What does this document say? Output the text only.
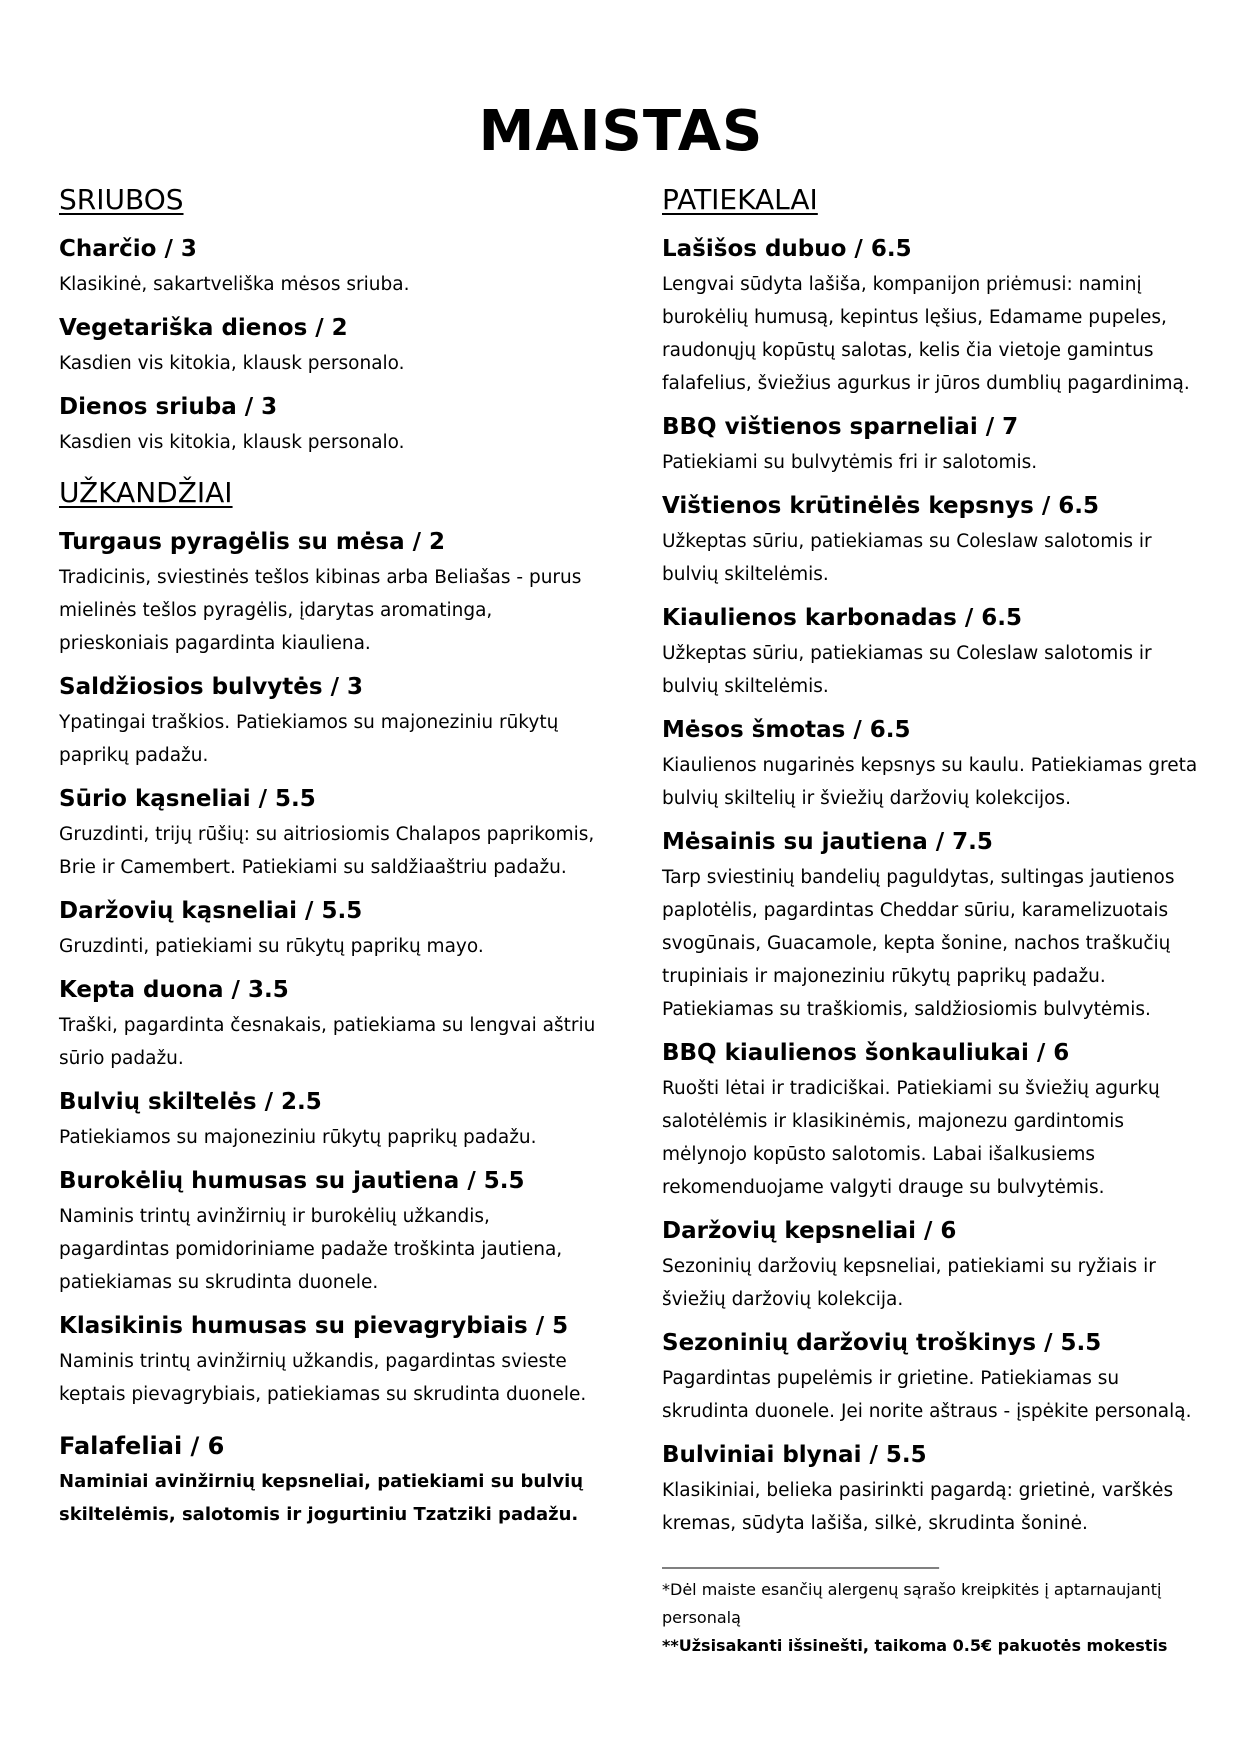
MAISTAS
SRIUBOS

Charčio / 3

Klasikinė, sakartveliška mėsos sriuba.

Vegetariška dienos / 2

Kasdien vis kitokia, klausk personalo.

Dienos sriuba / 3

Kasdien vis kitokia, klausk personalo.

UŽKANDŽIAI

Turgaus pyragėlis su mėsa / 2

Tradicinis, sviestinės tešlos kibinas arba Beliašas - purus mielinės tešlos pyragėlis, įdarytas aromatinga, prieskoniais pagardinta kiauliena.

Saldžiosios bulvytės / 3

Ypatingai traškios. Patiekiamos su majoneziniu rūkytų paprikų padažu.

Sūrio kąsneliai / 5.5

Gruzdinti, trijų rūšių: su aitriosiomis Chalapos paprikomis, Brie ir Camembert. Patiekiami su saldžiaaštriu padažu.

Daržovių kąsneliai / 5.5

Gruzdinti, patiekiami su rūkytų paprikų mayo.

Kepta duona / 3.5

Traški, pagardinta česnakais, patiekiama su lengvai aštriu sūrio padažu.

Bulvių skiltelės / 2.5

Patiekiamos su majoneziniu rūkytų paprikų padažu.

Burokėlių humusas su jautiena / 5.5

Naminis trintų avinžirnių ir burokėlių užkandis, pagardintas pomidoriniame padaže troškinta jautiena, patiekiamas su skrudinta duonele.

Klasikinis humusas su pievagrybiais / 5

Naminis trintų avinžirnių užkandis, pagardintas svieste keptais pievagrybiais, patiekiamas su skrudinta duonele.

Falafeliai / 6

Naminiai avinžirnių kepsneliai, patiekiami su bulvių skiltelėmis, salotomis ir jogurtiniu Tzatziki padažu.

PATIEKALAI

Lašišos dubuo / 6.5

Lengvai sūdyta lašiša, kompanijon priėmusi: naminį burokėlių humusą, kepintus lęšius, Edamame pupeles, raudonųjų kopūstų salotas, kelis čia vietoje gamintus falafelius, šviežius agurkus ir jūros dumblių pagardinimą.

BBQ vištienos sparneliai / 7

Patiekiami su bulvytėmis fri ir salotomis.

Vištienos krūtinėlės kepsnys / 6.5

Užkeptas sūriu, patiekiamas su Coleslaw salotomis ir bulvių skiltelėmis.

Kiaulienos karbonadas / 6.5

Užkeptas sūriu, patiekiamas su Coleslaw salotomis ir bulvių skiltelėmis.

Mėsos šmotas / 6.5

Kiaulienos nugarinės kepsnys su kaulu. Patiekiamas greta bulvių skiltelių ir šviežių daržovių kolekcijos.

Mėsainis su jautiena / 7.5

Tarp sviestinių bandelių paguldytas, sultingas jautienos paplotėlis, pagardintas Cheddar sūriu, karamelizuotais svogūnais, Guacamole, kepta šonine, nachos traškučių trupiniais ir majoneziniu rūkytų paprikų padažu. Patiekiamas su traškiomis, saldžiosiomis bulvytėmis.

BBQ kiaulienos šonkauliukai / 6

Ruošti lėtai ir tradiciškai. Patiekiami su šviežių agurkų salotėlėmis ir klasikinėmis, majonezu gardintomis mėlynojo kopūsto salotomis. Labai išalkusiems rekomenduojame valgyti drauge su bulvytėmis.

Daržovių kepsneliai / 6

Sezoninių daržovių kepsneliai, patiekiami su ryžiais ir šviežių daržovių kolekcija.

Sezoninių daržovių troškinys / 5.5

Pagardintas pupelėmis ir grietine. Patiekiamas su skrudinta duonele. Jei norite aštraus - įspėkite personalą.

Bulviniai blynai / 5.5

Klasikiniai, belieka pasirinkti pagardą: grietinė, varškės kremas, sūdyta lašiša, silkė, skrudinta šoninė.

______________________________________________

*Dėl maiste esančių alergenų sąrašo kreipkitės į aptarnaujantį personalą

**Užsisakanti išsinešti, taikoma 0.5€ pakuotės mokestis
